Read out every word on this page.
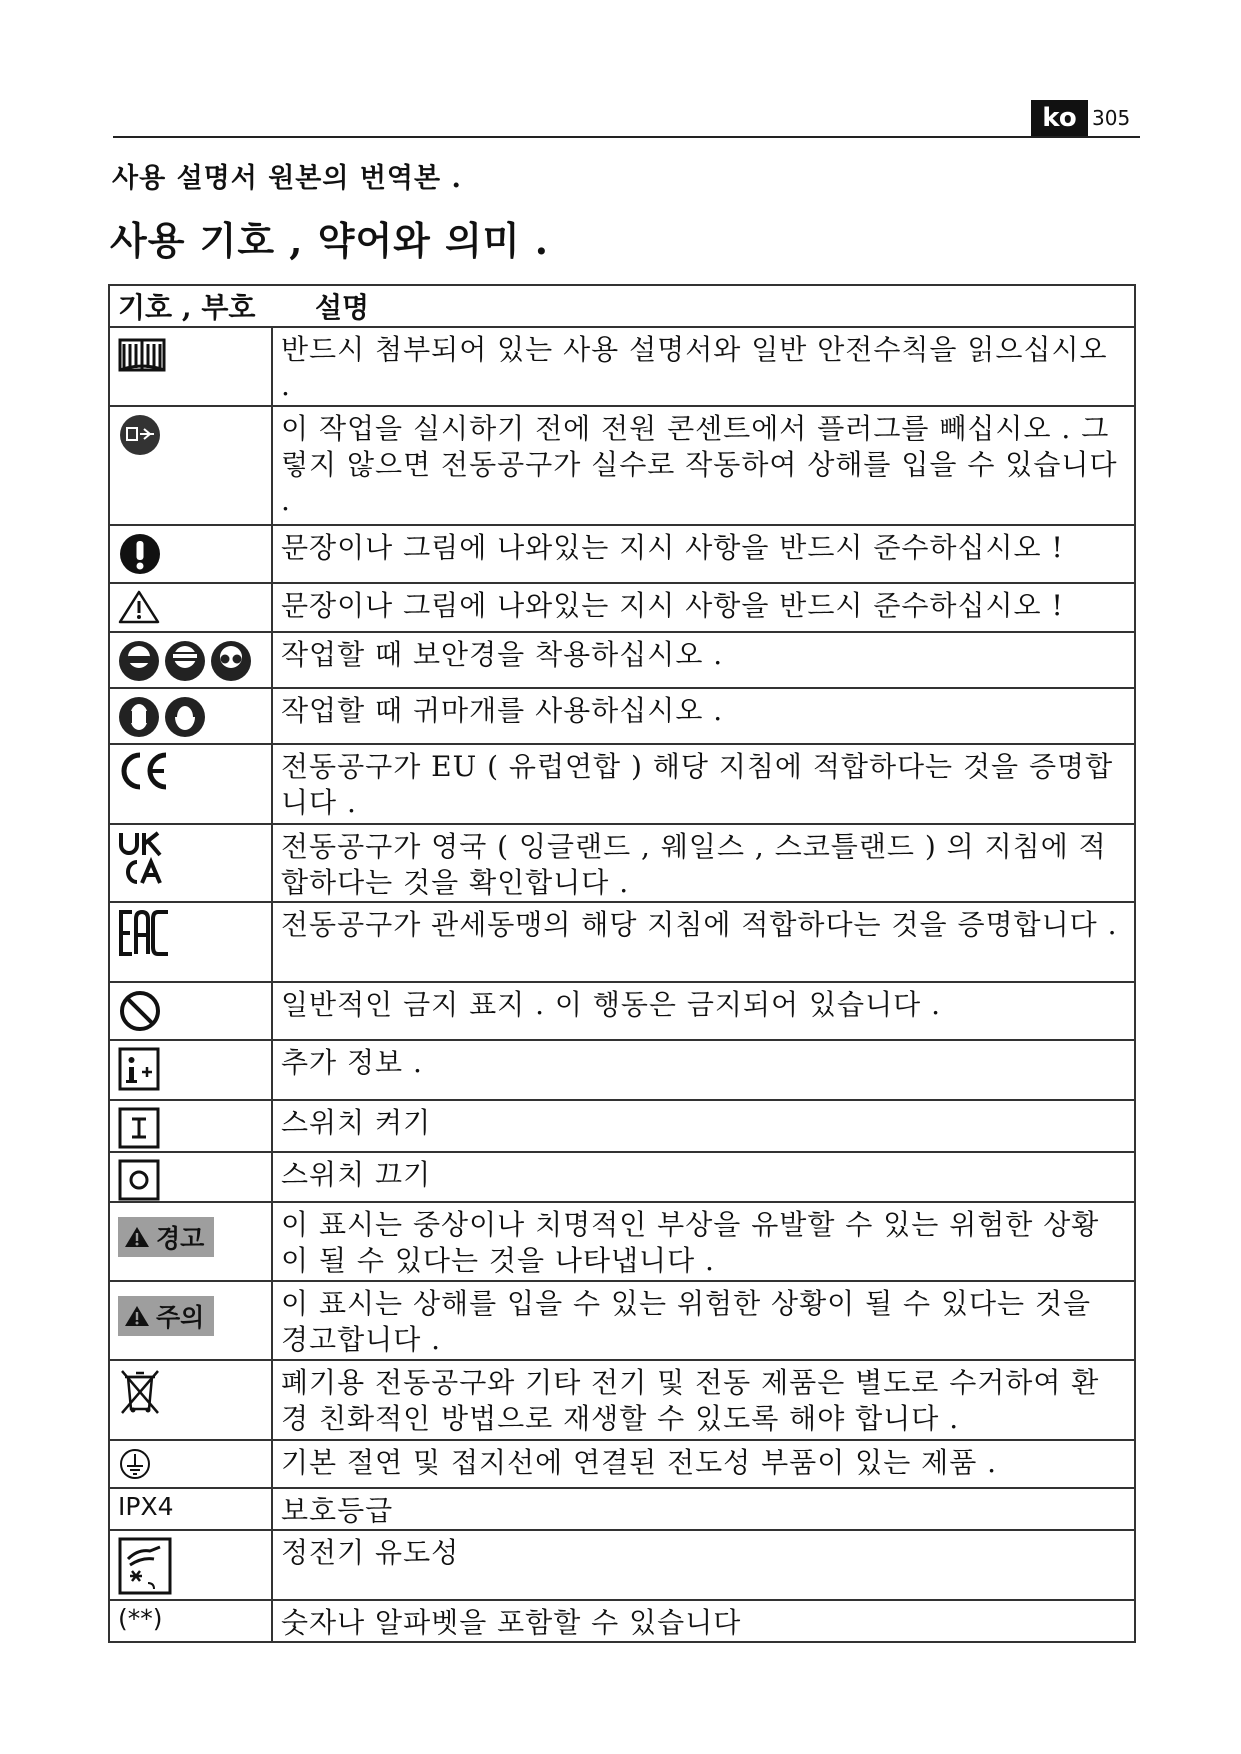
ko 305
사용 설명서 원본의 번역본 .
사용 기호 , 약어와 의미 .
기호 , 부호 설명	

	반드시 첨부되어 있는 사용 설명서와 일반 안전수칙을 읽으십시오 .

	이 작업을 실시하기 전에 전원 콘센트에서 플러그를 빼십시오 . 그렇지 않으면 전동공구가 실수로 작동하여 상해를 입을 수 있습니다 .

	문장이나 그림에 나와있는 지시 사항을 반드시 준수하십시오 !

	문장이나 그림에 나와있는 지시 사항을 반드시 준수하십시오 !

	작업할 때 보안경을 착용하십시오 .

	작업할 때 귀마개를 사용하십시오 .

	전동공구가 EU ( 유럽연합 ) 해당 지침에 적합하다는 것을 증명합니다 .

	전동공구가 영국 ( 잉글랜드 , 웨일스 , 스코틀랜드 ) 의 지침에 적합하다는 것을 확인합니다 .

	전동공구가 관세동맹의 해당 지침에 적합하다는 것을 증명합니다 .

	일반적인 금지 표지 . 이 행동은 금지되어 있습니다 .

	추가 정보 .

	스위치 켜기

	스위치 끄기

경고	이 표시는 중상이나 치명적인 부상을 유발할 수 있는 위험한 상황이 될 수 있다는 것을 나타냅니다 .

주의	이 표시는 상해를 입을 수 있는 위험한 상황이 될 수 있다는 것을 경고합니다 .

	폐기용 전동공구와 기타 전기 및 전동 제품은 별도로 수거하여 환경 친화적인 방법으로 재생할 수 있도록 해야 합니다 .

	기본 절연 및 접지선에 연결된 전도성 부품이 있는 제품 .
IPX4	보호등급

	정전기 유도성
(**)	숫자나 알파벳을 포함할 수 있습니다
